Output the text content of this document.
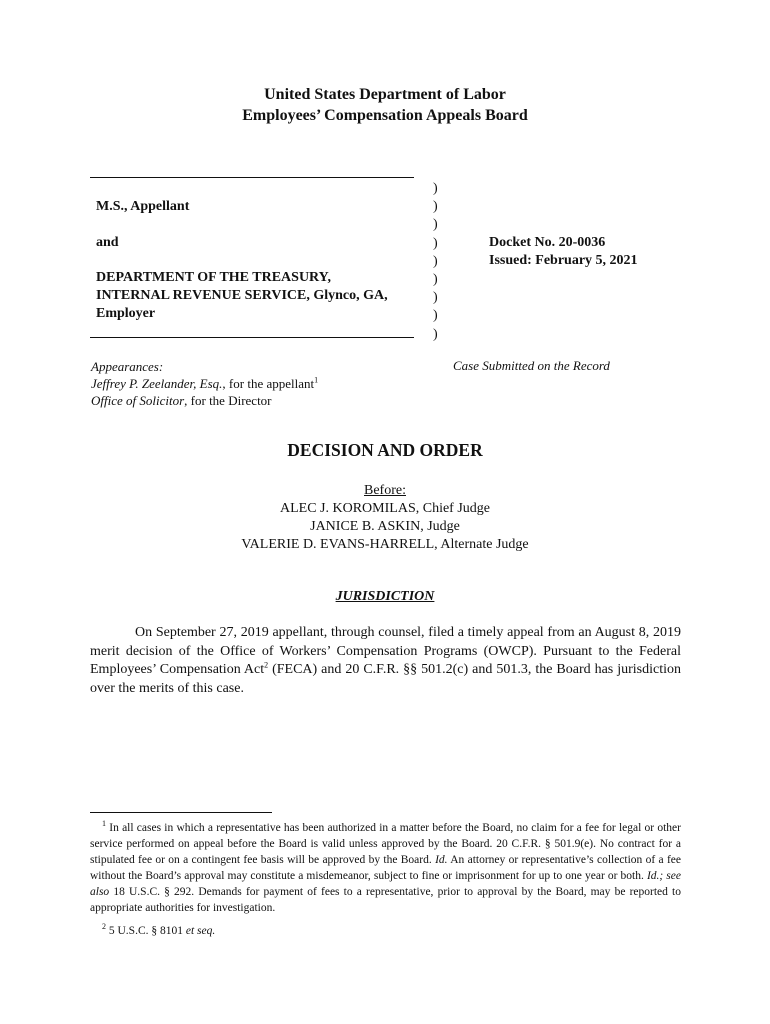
United States Department of Labor
Employees’ Compensation Appeals Board
)
)
)
)
)
)
)
)
)
M.S., Appellant
and
DEPARTMENT OF THE TREASURY,
INTERNAL REVENUE SERVICE, Glynco, GA,
Employer
Docket No. 20-0036
Issued: February 5, 2021
Appearances:
Jeffrey P. Zeelander, Esq., for the appellant$^1$
Office of Solicitor, for the Director
Case Submitted on the Record
DECISION AND ORDER
Before:
ALEC J. KOROMILAS, Chief Judge
JANICE B. ASKIN, Judge
VALERIE D. EVANS-HARRELL, Alternate Judge
JURISDICTION
On September 27, 2019 appellant, through counsel, filed a timely appeal from an August 8, 2019 merit decision of the Office of Workers’ Compensation Programs (OWCP). Pursuant to the Federal Employees’ Compensation Act$^2$ (FECA) and 20 C.F.R. §§ 501.2(c) and 501.3, the Board has jurisdiction over the merits of this case.
$^1$ In all cases in which a representative has been authorized in a matter before the Board, no claim for a fee for legal or other service performed on appeal before the Board is valid unless approved by the Board. 20 C.F.R. § 501.9(e). No contract for a stipulated fee or on a contingent fee basis will be approved by the Board. Id. An attorney or representative’s collection of a fee without the Board’s approval may constitute a misdemeanor, subject to fine or imprisonment for up to one year or both. Id.; see also 18 U.S.C. § 292. Demands for payment of fees to a representative, prior to approval by the Board, may be reported to appropriate authorities for investigation.
$^2$ 5 U.S.C. § 8101 et seq.
